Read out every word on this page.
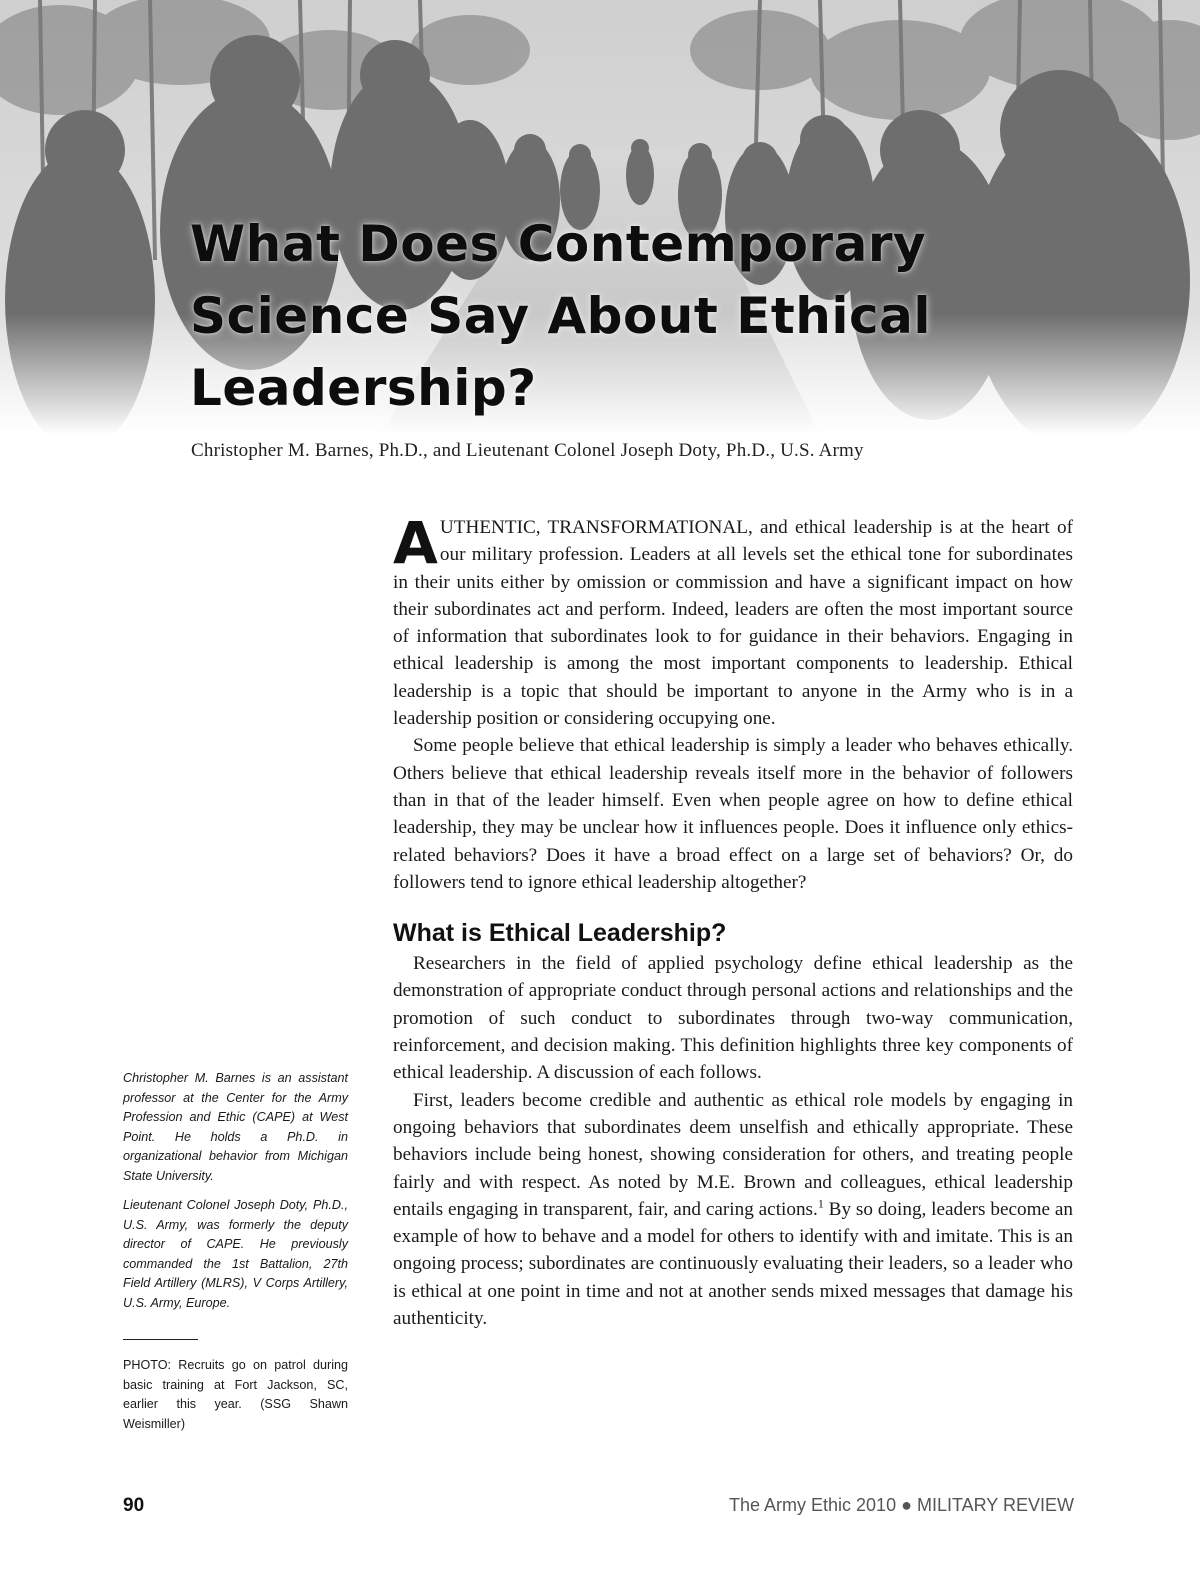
What Does Contemporary
Science Say About Ethical
Leadership?
Christopher M. Barnes, Ph.D., and Lieutenant Colonel Joseph Doty, Ph.D., U.S. Army

AUTHENTIC, TRANSFORMATIONAL, and ethical leadership is at the heart of our military profession. Leaders at all levels set the ethical tone for subordinates in their units either by omission or commission and have a significant impact on how their subordinates act and perform. Indeed, leaders are often the most important source of information that subordinates look to for guidance in their behaviors. Engaging in ethical leadership is among the most important components to leadership. Ethical leadership is a topic that should be important to anyone in the Army who is in a leadership position or considering occupying one.

Some people believe that ethical leadership is simply a leader who behaves ethically. Others believe that ethical leadership reveals itself more in the behavior of followers than in that of the leader himself. Even when people agree on how to define ethical leadership, they may be unclear how it influences people. Does it influence only ethics-related behaviors? Does it have a broad effect on a large set of behaviors? Or, do followers tend to ignore ethical leadership altogether?

What is Ethical Leadership?

Researchers in the field of applied psychology define ethical leadership as the demonstration of appropriate conduct through personal actions and relationships and the promotion of such conduct to subordinates through two-way communication, reinforcement, and decision making. This definition highlights three key components of ethical leadership. A discussion of each follows.

First, leaders become credible and authentic as ethical role models by engaging in ongoing behaviors that subordinates deem unselfish and ethically appropriate. These behaviors include being honest, showing consideration for others, and treating people fairly and with respect. As noted by M.E. Brown and colleagues, ethical leadership entails engaging in transparent, fair, and caring actions.$^1$ By so doing, leaders become an example of how to behave and a model for others to identify with and imitate. This is an ongoing process; subordinates are continuously evaluating their leaders, so a leader who is ethical at one point in time and not at another sends mixed messages that damage his authenticity.

Christopher M. Barnes is an assistant professor at the Center for the Army Profession and Ethic (CAPE) at West Point. He holds a Ph.D. in organizational behavior from Michigan State University.

Lieutenant Colonel Joseph Doty, Ph.D., U.S. Army, was formerly the deputy director of CAPE. He previously commanded the 1st Battalion, 27th Field Artillery (MLRS), V Corps Artillery, U.S. Army, Europe.

PHOTO: Recruits go on patrol during basic training at Fort Jackson, SC, earlier this year. (SSG Shawn Weismiller)

90	The Army Ethic 2010 ● MILITARY REVIEW
